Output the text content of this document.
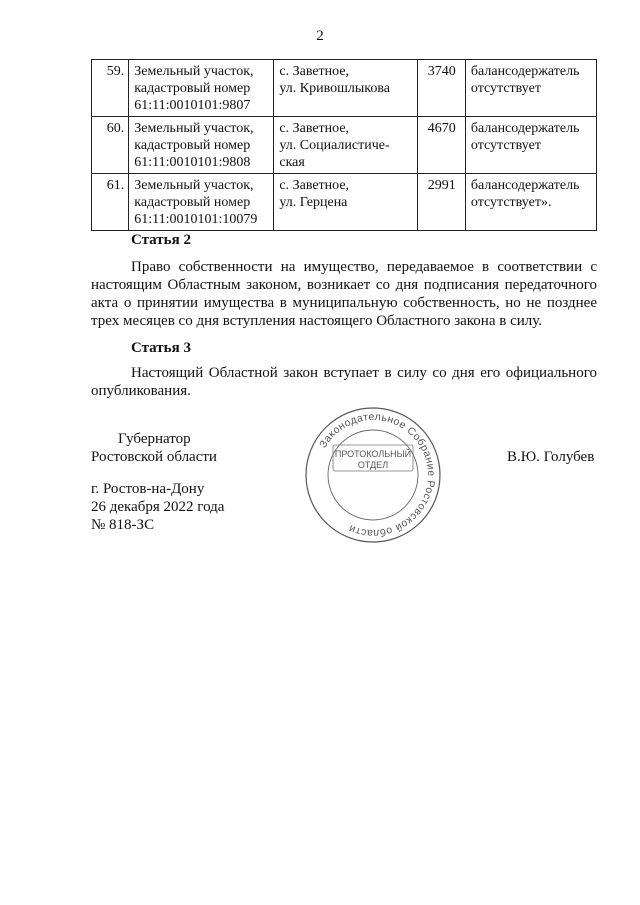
2
59.	Земельный участок,
кадастровый номер
61:11:0010101:9807	с. Заветное,
ул. Кривошлыкова	3740	балансодержатель
отсутствует

60.	Земельный участок,
кадастровый номер
61:11:0010101:9808	с. Заветное,
ул. Социалистиче-
ская	4670	балансодержатель
отсутствует

61.	Земельный участок,
кадастровый номер
61:11:0010101:10079	с. Заветное,
ул. Герцена	2991	балансодержатель
отсутствует».
Статья 2
Право собственности на имущество, передаваемое в соответствии с
настоящим Областным законом, возникает со дня подписания передаточного
акта о принятии имущества в муниципальную собственность, но не позднее
трех месяцев со дня вступления настоящего Областного закона в силу.
Статья 3
Настоящий Областной закон вступает в силу со дня его официального
опубликования.
Губернатор
Ростовской области	В.Ю. Голубев
Законодательное Собрание Ростовской области
ПРОТОКОЛЬНЫЙ
ОТДЕЛ
г. Ростов-на-Дону
26 декабря 2022 года
№ 818-ЗС
